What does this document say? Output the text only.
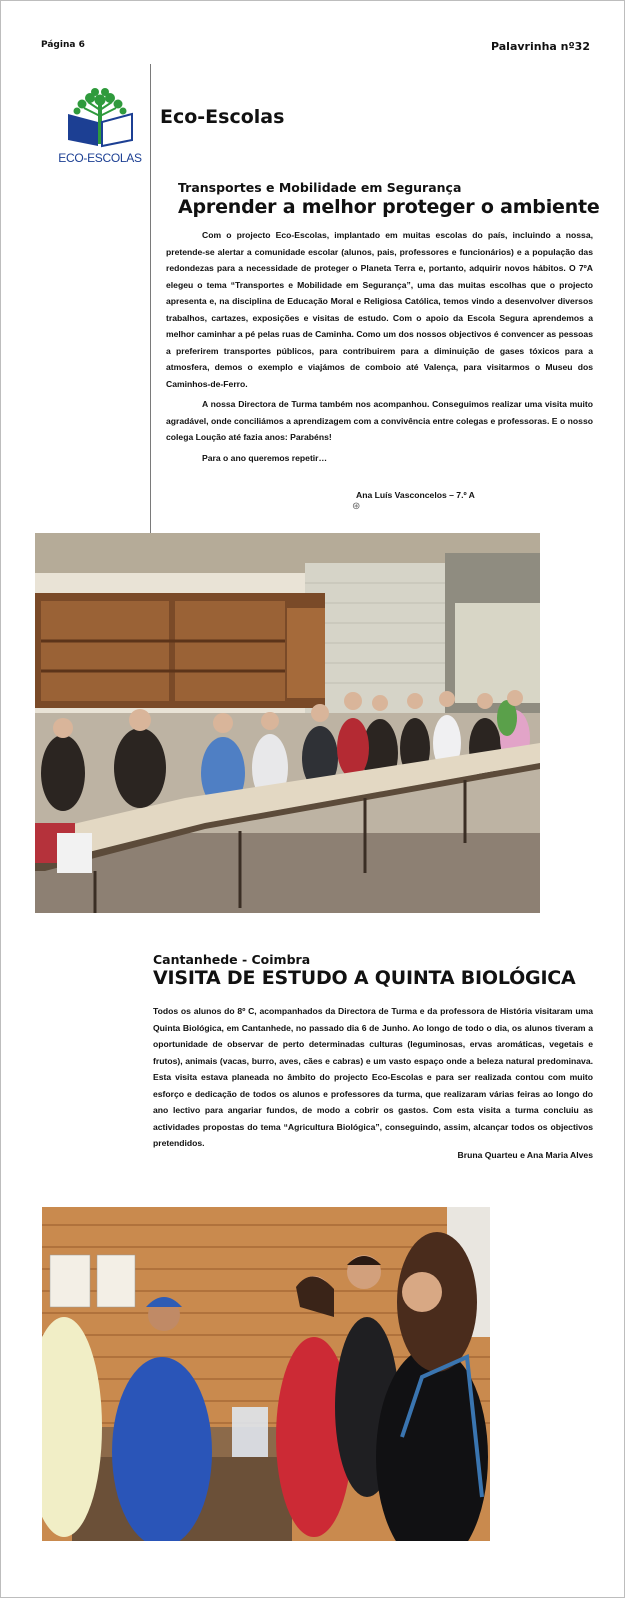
Página 6	Palavrinha nº32
ECO-ESCOLAS
Eco-Escolas
Transportes e Mobilidade em Segurança
Aprender a melhor proteger o ambiente

Com o projecto Eco-Escolas, implantado em muitas escolas do país, incluindo a nossa, pretende-se alertar a comunidade escolar (alunos, pais, professores e funcionários) e a população das redondezas para a necessidade de proteger o Planeta Terra e, portanto, adquirir novos hábitos. O 7ºA elegeu o tema “Transportes e Mobilidade em Segurança”, uma das muitas escolhas que o projecto apresenta e, na disciplina de Educação Moral e Religiosa Católica, temos vindo a desenvolver diversos trabalhos, cartazes, exposições e visitas de estudo. Com o apoio da Escola Segura aprendemos a melhor caminhar a pé pelas ruas de Caminha. Como um dos nossos objectivos é convencer as pessoas a preferirem transportes públicos, para contribuirem para a diminuição de gases tóxicos para a atmosfera, demos o exemplo e viajámos de comboio até Valença, para visitarmos o Museu dos Caminhos-de-Ferro.

A nossa Directora de Turma também nos acompanhou. Conseguimos realizar uma visita muito agradável, onde conciliámos a aprendizagem com a convivência entre colegas e professoras. E o nosso colega Loução até fazia anos: Parabéns!

Para o ano queremos repetir…

Ana Luís Vasconcelos – 7.º A
⊛
Cantanhede - Coimbra
VISITA DE ESTUDO A QUINTA BIOLÓGICA

Todos os alunos do 8º C, acompanhados da Directora de Turma e da professora de História visitaram uma Quinta Biológica, em Cantanhede, no passado dia 6 de Junho. Ao longo de todo o dia, os alunos tiveram a oportunidade de observar de perto determinadas culturas (leguminosas, ervas aromáticas, vegetais e frutos), animais (vacas, burro, aves, cães e cabras) e um vasto espaço onde a beleza natural predominava. Esta visita estava planeada no âmbito do projecto Eco-Escolas e para ser realizada contou com muito esforço e dedicação de todos os alunos e professores da turma, que realizaram várias feiras ao longo do ano lectivo para angariar fundos, de modo a cobrir os gastos. Com esta visita a turma concluiu as actividades propostas do tema “Agricultura Biológica”, conseguindo, assim, alcançar todos os objectivos pretendidos.

Bruna Quarteu e Ana Maria Alves
